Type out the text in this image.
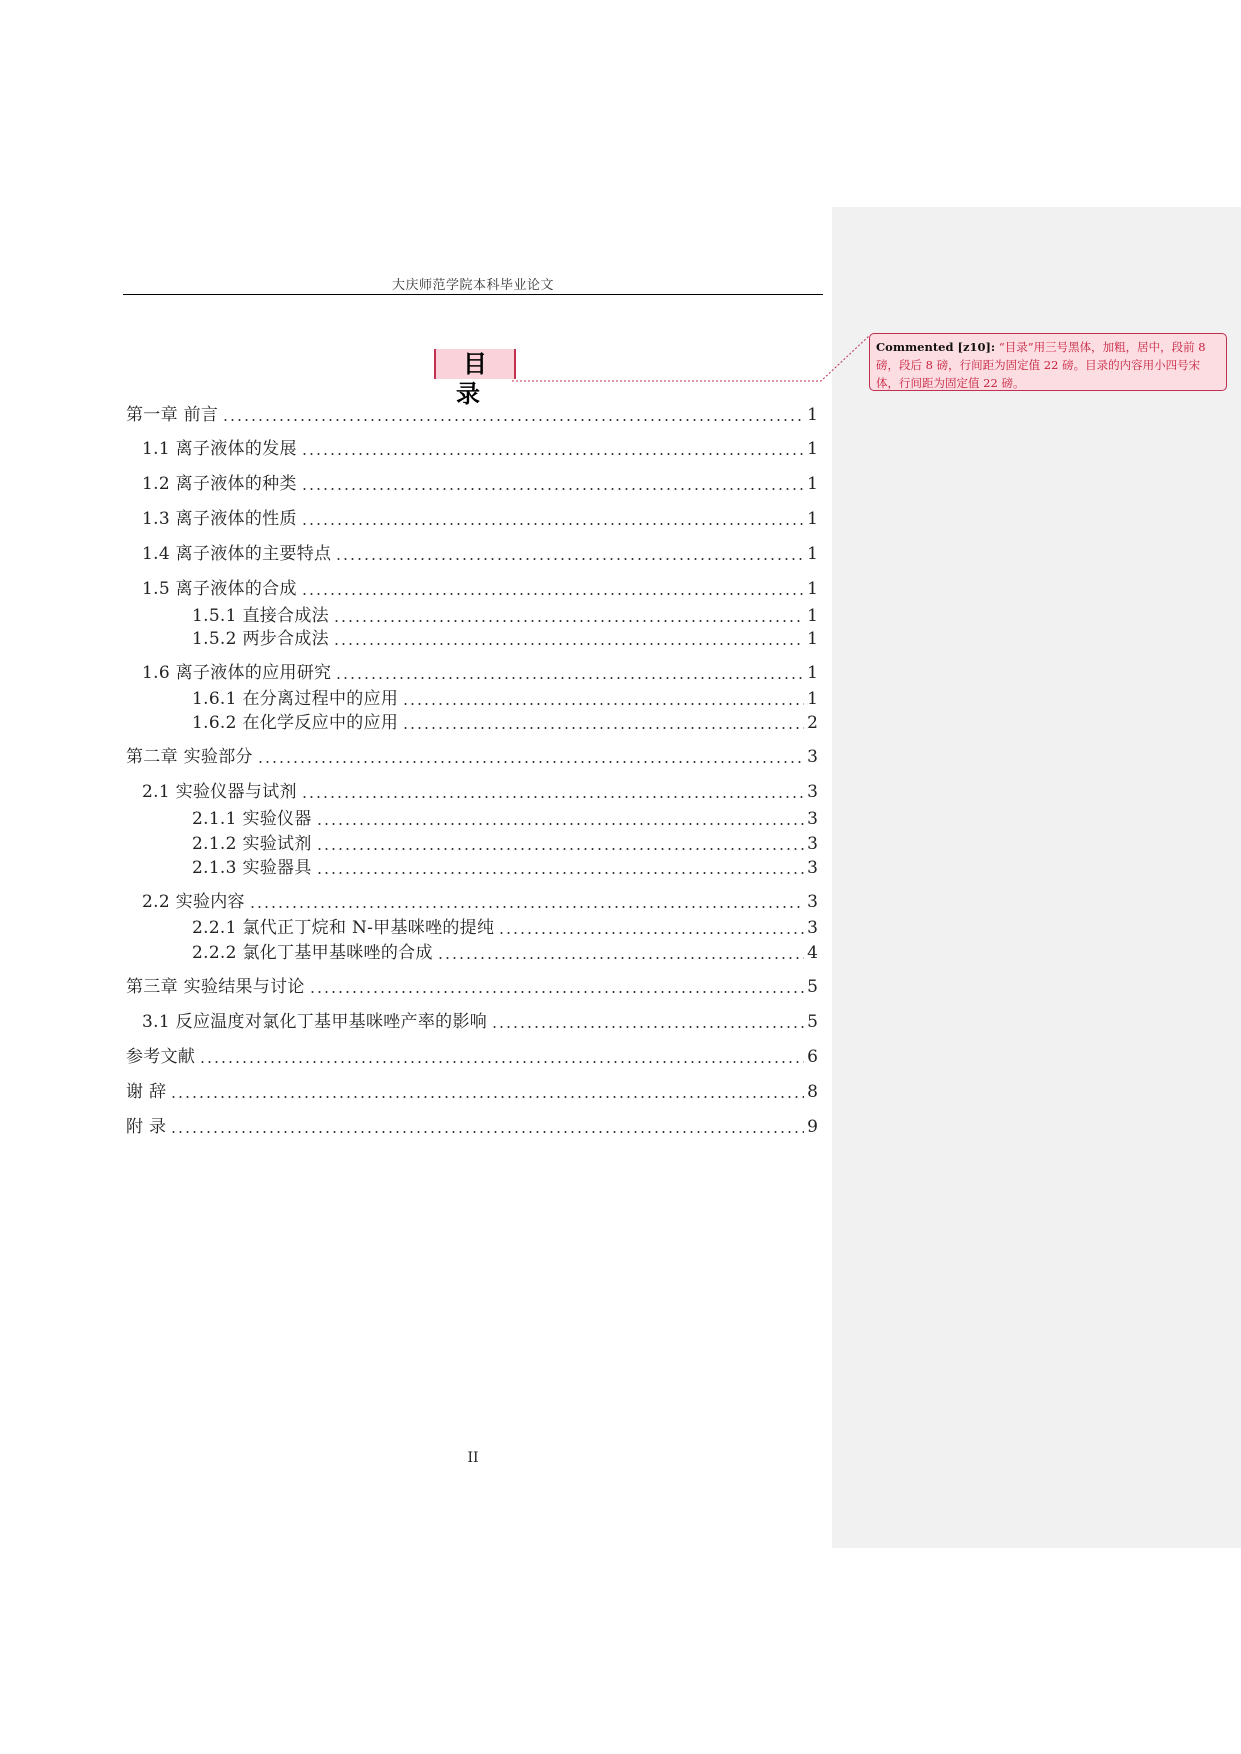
大庆师范学院本科毕业论文
目录
Commented [z10]: “目录”用三号黑体，加粗，居中，段前 8 磅，段后 8 磅，行间距为固定值 22 磅。目录的内容用小四号宋体，行间距为固定值 22 磅。
第一章 前言	1
1.1 离子液体的发展	1
1.2 离子液体的种类	1
1.3 离子液体的性质	1
1.4 离子液体的主要特点	1
1.5 离子液体的合成	1
1.5.1 直接合成法	1
1.5.2 两步合成法	1
1.6 离子液体的应用研究	1
1.6.1 在分离过程中的应用	1
1.6.2 在化学反应中的应用	2
第二章 实验部分	3
2.1 实验仪器与试剂	3
2.1.1 实验仪器	3
2.1.2 实验试剂	3
2.1.3 实验器具	3
2.2 实验内容	3
2.2.1 氯代正丁烷和 N-甲基咪唑的提纯	3
2.2.2 氯化丁基甲基咪唑的合成	4
第三章 实验结果与讨论	5
3.1 反应温度对氯化丁基甲基咪唑产率的影响	5
参考文献	6
谢 辞	8
附 录	9
II
